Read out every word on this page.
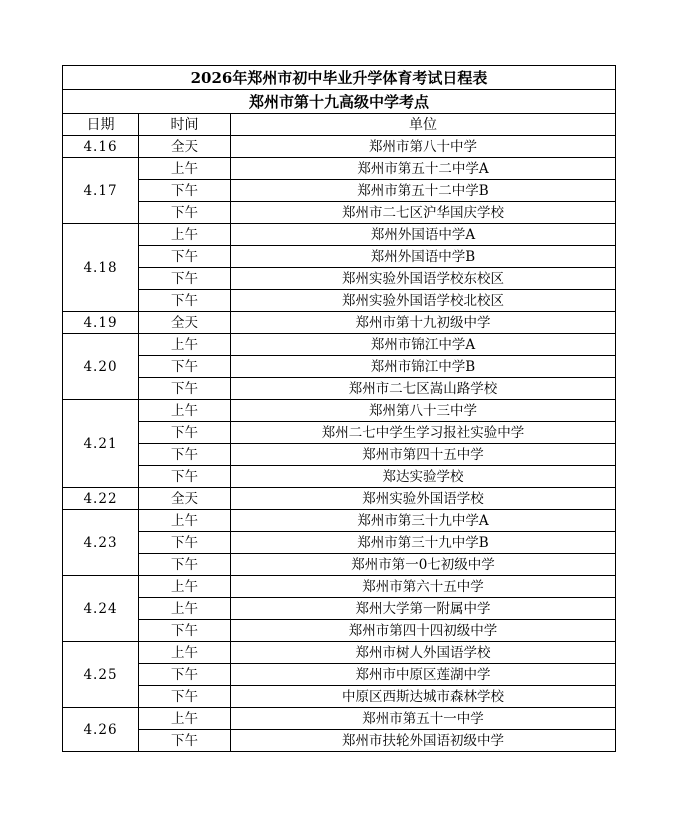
2026年郑州市初中毕业升学体育考试日程表		
郑州市第十九高级中学考点		
日期	时间	单位
4.16	全天	郑州市第八十中学
4.17	上午	郑州市第五十二中学A
	下午	郑州市第五十二中学B
	下午	郑州市二七区沪华国庆学校
4.18	上午	郑州外国语中学A
	下午	郑州外国语中学B
	下午	郑州实验外国语学校东校区
	下午	郑州实验外国语学校北校区
4.19	全天	郑州市第十九初级中学
4.20	上午	郑州市锦江中学A
	下午	郑州市锦江中学B
	下午	郑州市二七区嵩山路学校
4.21	上午	郑州第八十三中学
	下午	郑州二七中学生学习报社实验中学
	下午	郑州市第四十五中学
	下午	郑达实验学校
4.22	全天	郑州实验外国语学校
4.23	上午	郑州市第三十九中学A
	下午	郑州市第三十九中学B
	下午	郑州市第一0七初级中学
4.24	上午	郑州市第六十五中学
	上午	郑州大学第一附属中学
	下午	郑州市第四十四初级中学
4.25	上午	郑州市树人外国语学校
	下午	郑州市中原区莲湖中学
	下午	中原区西斯达城市森林学校
4.26	上午	郑州市第五十一中学
	下午	郑州市扶轮外国语初级中学
